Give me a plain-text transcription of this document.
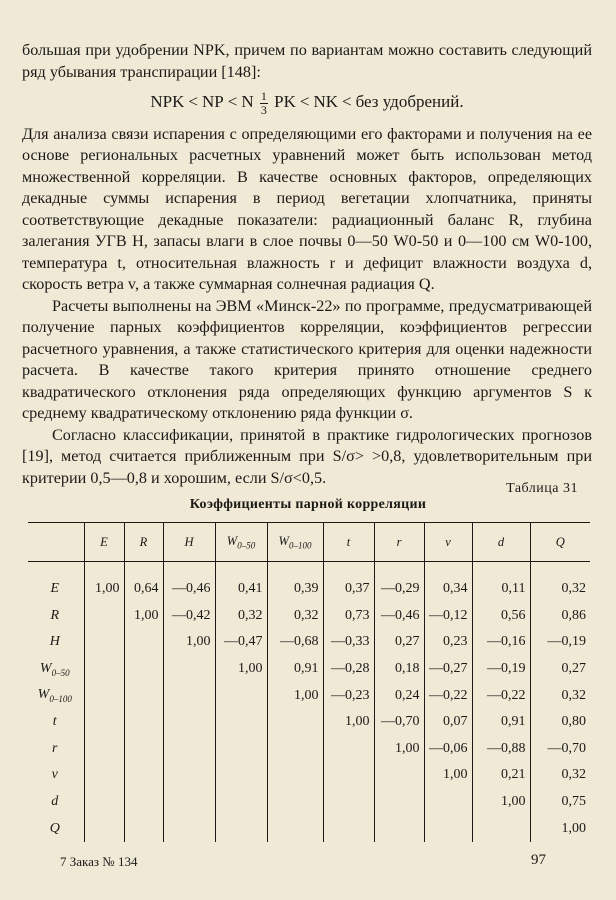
большая при удобрении NPK, причем по вариантам можно составить следующий ряд убывания транспирации [148]:

NPK < NP < N $\frac{1}{3}$ PK < NK < без удобрений.

Для анализа связи испарения с определяющими его факторами и получения на ее основе региональных расчетных уравнений может быть использован метод множественной корреляции. В качестве основных факторов, определяющих декадные суммы испарения в период вегетации хлопчатника, приняты соответствующие декадные показатели: радиационный баланс R, глубина залегания УГВ H, запасы влаги в слое почвы 0—50 W0-50 и 0—100 см W0-100, температура t, относительная влажность r и дефицит влажности воздуха d, скорость ветра v, а также суммарная солнечная радиация Q.

Расчеты выполнены на ЭВМ «Минск-22» по программе, предусматривающей получение парных коэффициентов корреляции, коэффициентов регрессии расчетного уравнения, а также статистического критерия для оценки надежности расчета. В качестве такого критерия принято отношение среднего квадратического отклонения ряда определяющих функцию аргументов S к среднему квадратическому отклонению ряда функции σ.

Согласно классификации, принятой в практике гидрологических прогнозов [19], метод считается приближенным при S/σ> >0,8, удовлетворительным при критерии 0,5—0,8 и хорошим, если S/σ<0,5.

Таблица 31
Коэффициенты парной корреляции
	E	R	H	$W_{0-50}$	$W_{0-100}$	t	r	v	d	Q

E	1,00	0,64	—0,46	0,41	0,39	0,37	—0,29	0,34	0,11	0,32
R		1,00	—0,42	0,32	0,32	0,73	—0,46	—0,12	0,56	0,86
H			1,00	—0,47	—0,68	—0,33	0,27	0,23	—0,16	—0,19
$W_{0-50}$				1,00	0,91	—0,28	0,18	—0,27	—0,19	0,27
$W_{0-100}$					1,00	—0,23	0,24	—0,22	—0,22	0,32
t						1,00	—0,70	0,07	0,91	0,80
r							1,00	—0,06	—0,88	—0,70
v								1,00	0,21	0,32
d									1,00	0,75
Q										1,00
7 Заказ № 134	97
